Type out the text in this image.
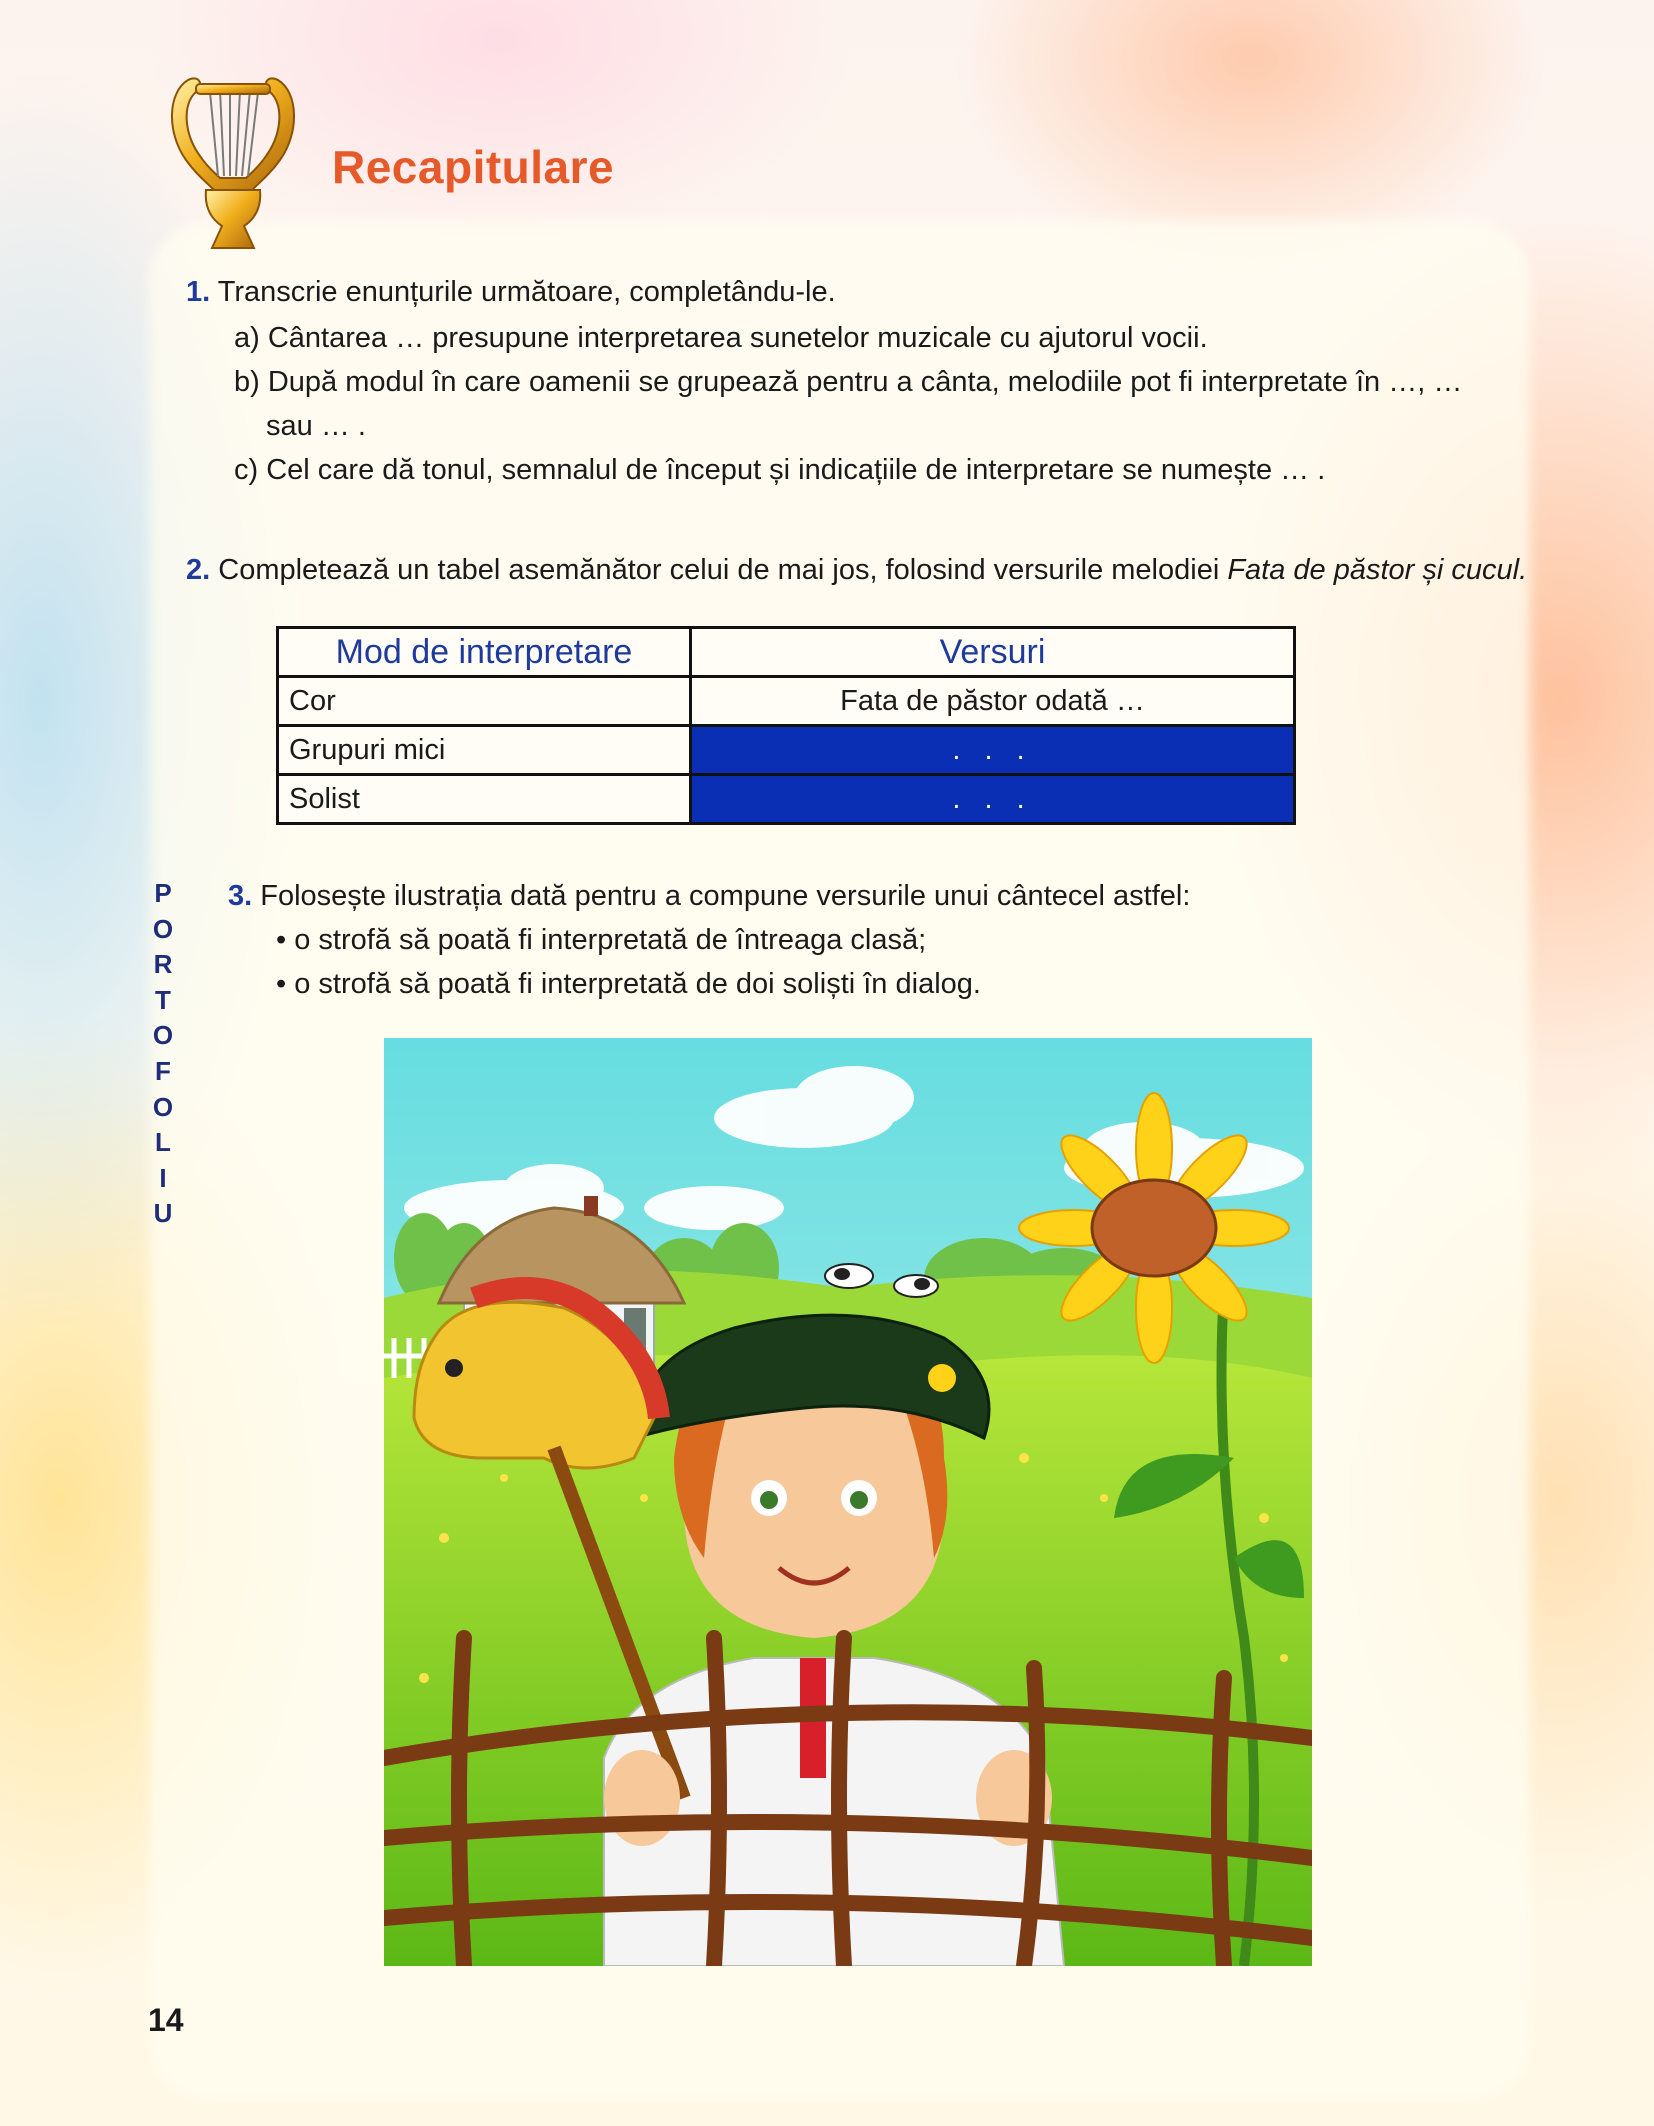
Recapitulare
1. Transcrie enunțurile următoare, completându-le.
a) Cântarea … presupune interpretarea sunetelor muzicale cu ajutorul vocii.
b) După modul în care oamenii se grupează pentru a cânta, melodiile pot fi interpretate în …, …
sau … .
c) Cel care dă tonul, semnalul de început și indicațiile de interpretare se numește … .
2. Completează un tabel asemănător celui de mai jos, folosind versurile melodiei Fata de păstor și cucul.
Mod de interpretare	Versuri
Cor	Fata de păstor odată …
Grupuri mici	. . .
Solist	. . .
P
O
R
T
O
F
O
L
I
U
3. Folosește ilustrația dată pentru a compune versurile unui cântecel astfel:
• o strofă să poată fi interpretată de întreaga clasă;
• o strofă să poată fi interpretată de doi soliști în dialog.
14
